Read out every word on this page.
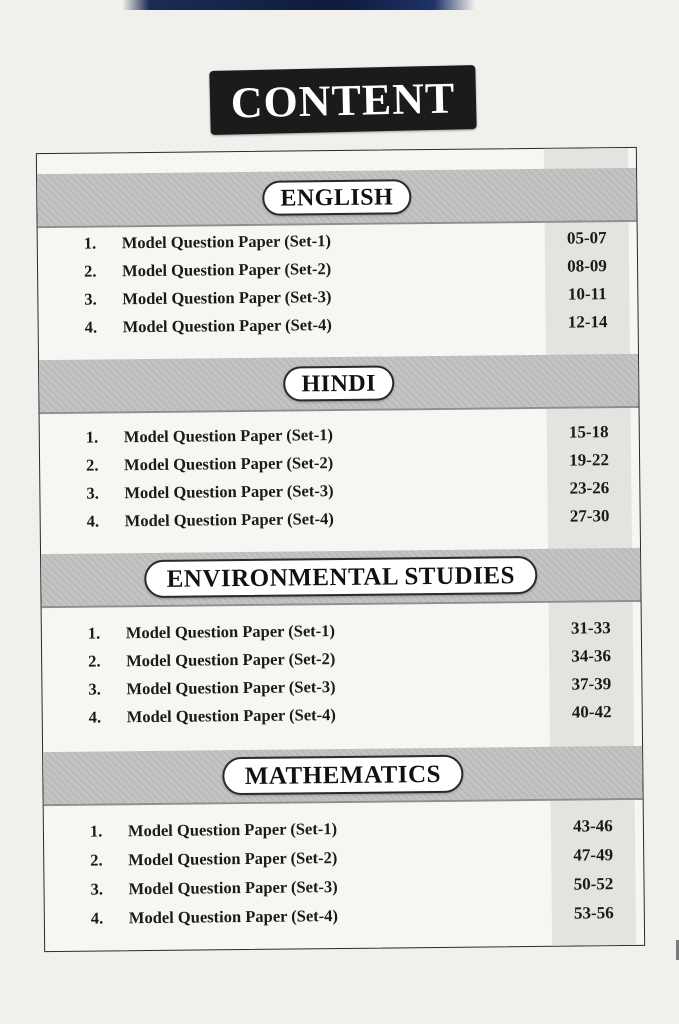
CONTENT
ENGLISH
1.	Model Question Paper (Set-1)	05-07
2.	Model Question Paper (Set-2)	08-09
3.	Model Question Paper (Set-3)	10-11
4.	Model Question Paper (Set-4)	12-14
HINDI
1.	Model Question Paper (Set-1)	15-18
2.	Model Question Paper (Set-2)	19-22
3.	Model Question Paper (Set-3)	23-26
4.	Model Question Paper (Set-4)	27-30
ENVIRONMENTAL STUDIES
1.	Model Question Paper (Set-1)	31-33
2.	Model Question Paper (Set-2)	34-36
3.	Model Question Paper (Set-3)	37-39
4.	Model Question Paper (Set-4)	40-42
MATHEMATICS
1.	Model Question Paper (Set-1)	43-46
2.	Model Question Paper (Set-2)	47-49
3.	Model Question Paper (Set-3)	50-52
4.	Model Question Paper (Set-4)	53-56
